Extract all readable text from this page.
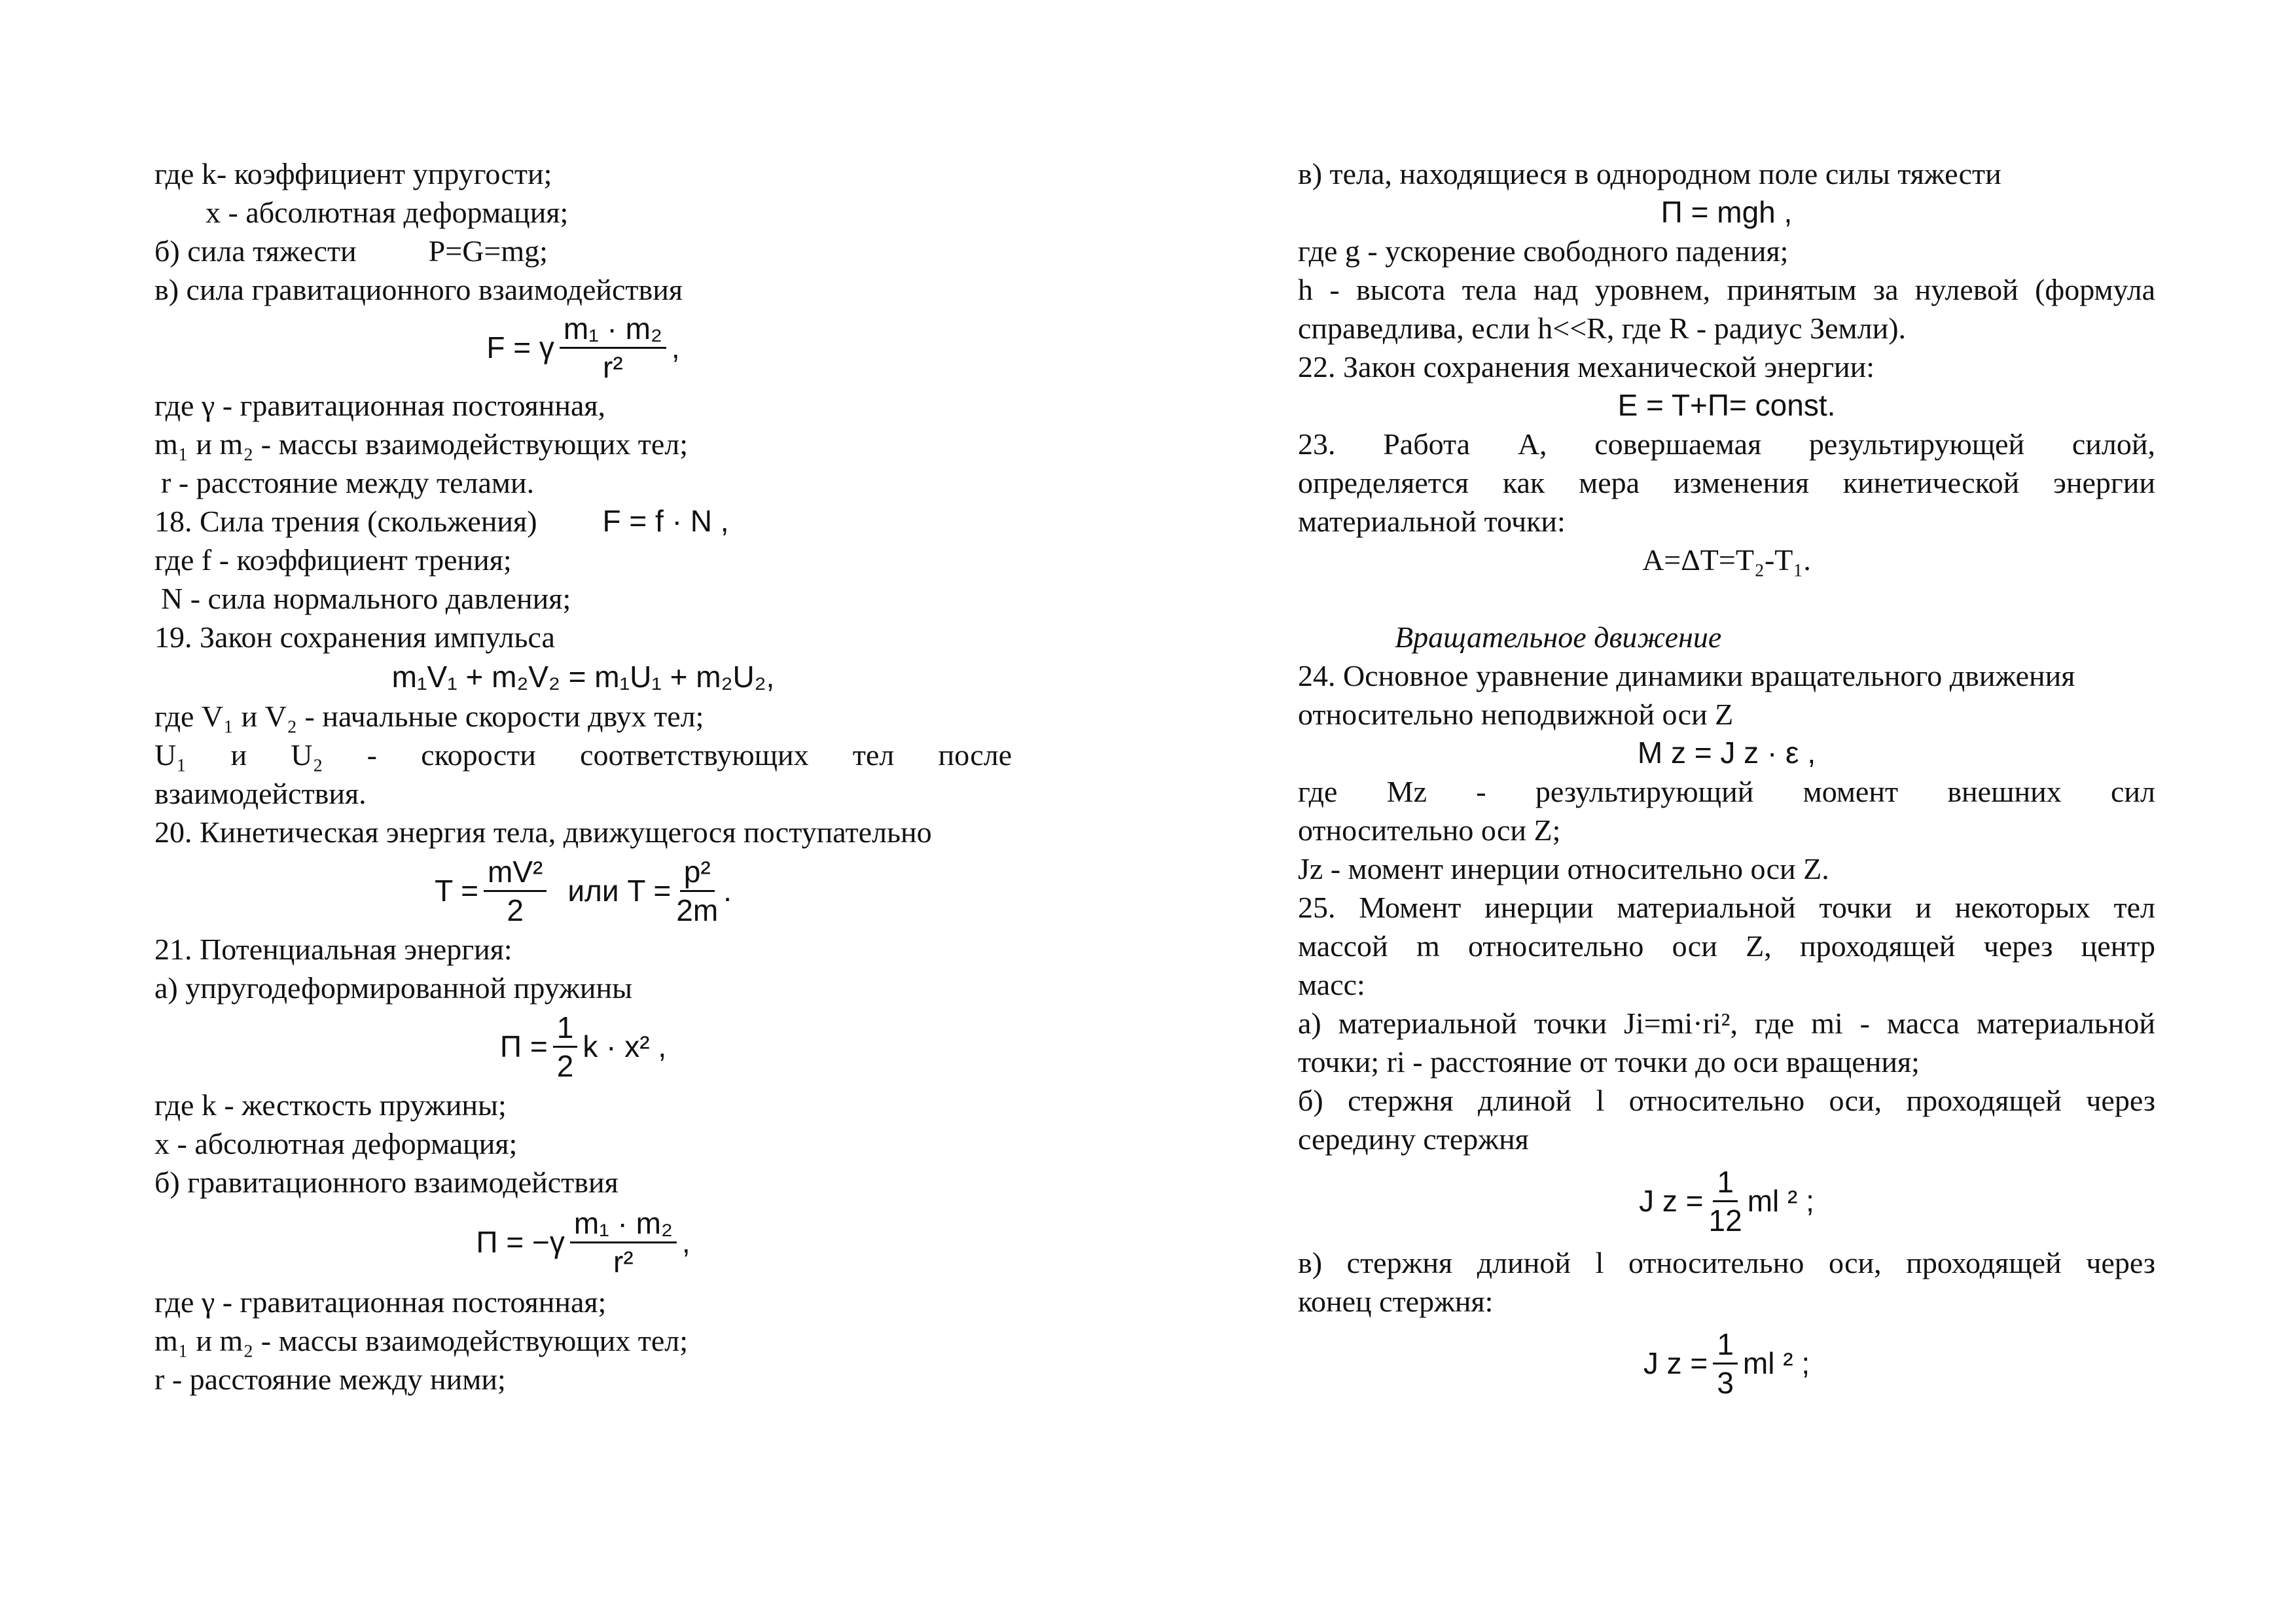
где k- коэффициент упругости;
x - абсолютная деформация;
б) сила тяжести P=G=mg;
в) сила гравитационного взаимодействия
F = γ $\frac{\text{m₁ · m₂}}{\text{r²}}$ ,
где γ - гравитационная постоянная,
m₁ и m₂ - массы взаимодействующих тел;
r - расстояние между телами.
18. Сила трения (скольжения) F = f · N ,
где f - коэффициент трения;
N - сила нормального давления;
19. Закон сохранения импульса
m₁V₁ + m₂V₂ = m₁U₁ + m₂U₂,
где V₁ и V₂ - начальные скорости двух тел;
U₁ и U₂ - скорости соответствующих тел после
взаимодействия.
20. Кинетическая энергия тела, движущегося поступательно
$T = \frac{\text{mV²}}{2}$ или $T = \frac{\text{p²}}{2m}$ .
21. Потенциальная энергия:
а) упругодеформированной пружины
$\Pi = \frac{1}{2}$ k · x² ,
где k - жесткость пружины;
x - абсолютная деформация;
б) гравитационного взаимодействия
$\Pi = -\gamma \frac{\text{m₁ · m₂}}{\text{r²}}$ ,
где γ - гравитационная постоянная;
m₁ и m₂ - массы взаимодействующих тел;
r - расстояние между ними;
в) тела, находящиеся в однородном поле силы тяжести
Π = mgh ,
где g - ускорение свободного падения;
h - высота тела над уровнем, принятым за нулевой (формула
справедлива, если h<<R, где R - радиус Земли).
22. Закон сохранения механической энергии:
E = T+Π= const.
23. Работа А, совершаемая результирующей силой,
определяется как мера изменения кинетической энергии
материальной точки:
A=ΔT=T₂-T₁.
Вращательное движение
24. Основное уравнение динамики вращательного движения
относительно неподвижной оси Z
M z = J z · ε ,
где Mz - результирующий момент внешних сил
относительно оси Z;
Jz - момент инерции относительно оси Z.
25. Момент инерции материальной точки и некоторых тел
массой m относительно оси Z, проходящей через центр
масс:
а) материальной точки Ji=mi·ri², где mi - масса материальной
точки; ri - расстояние от точки до оси вращения;
б) стержня длиной l относительно оси, проходящей через
середину стержня
J $z = \frac{1}{12}$ ml ² ;
в) стержня длиной l относительно оси, проходящей через
конец стержня:
J $z = \frac{1}{3}$ ml ² ;
